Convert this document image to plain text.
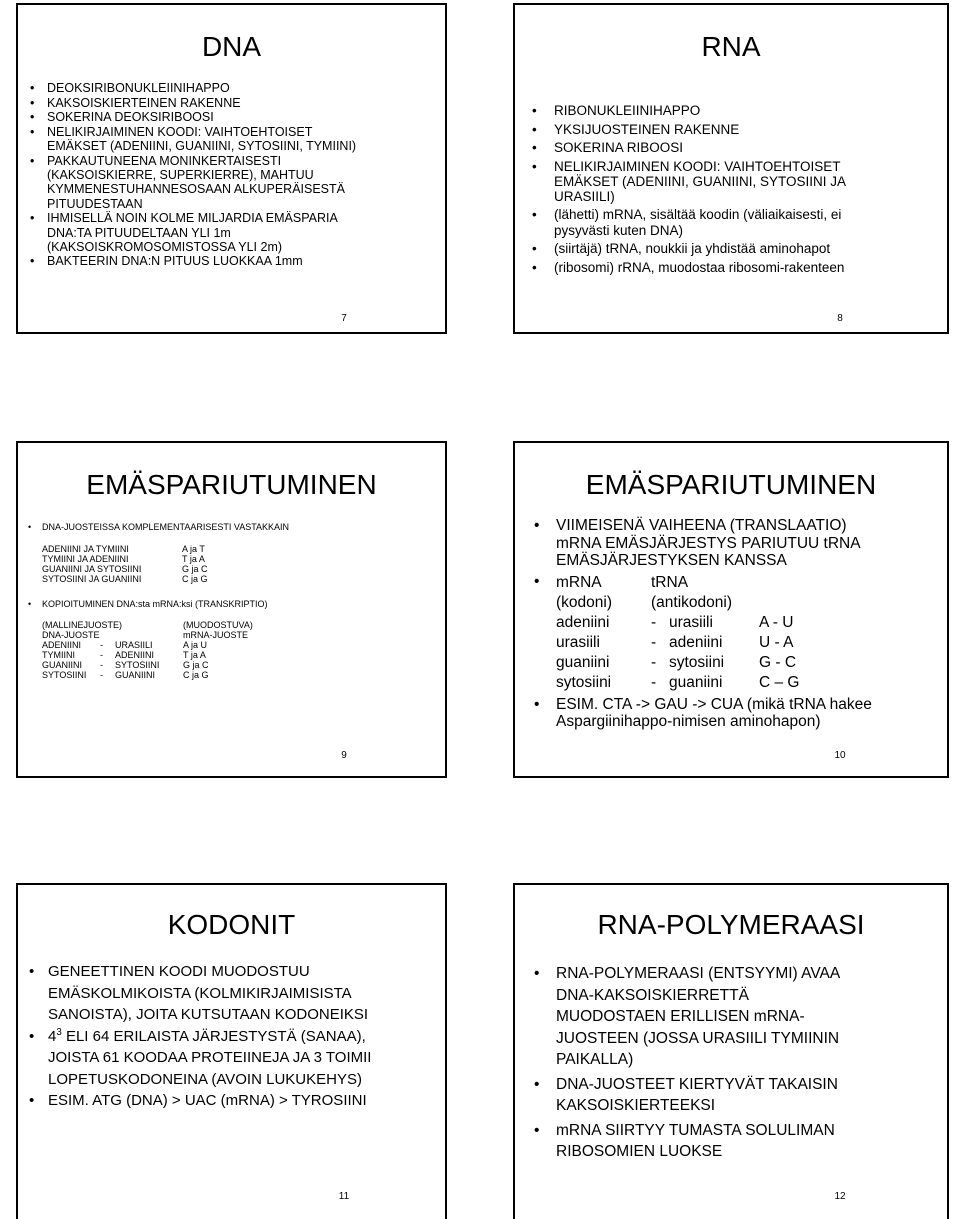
DNA
• DEOKSIRIBONUKLEIINIHAPPO
• KAKSOISKIERTEINEN RAKENNE
• SOKERINA DEOKSIRIBOOSI
• NELIKIRJAIMINEN KOODI: VAIHTOEHTOISET
EMÄKSET (ADENIINI, GUANIINI, SYTOSIINI, TYMIINI)
• PAKKAUTUNEENA MONINKERTAISESTI
(KAKSOISKIERRE, SUPERKIERRE), MAHTUU
KYMMENESTUHANNESOSAAN ALKUPERÄISESTÄ
PITUUDESTAAN
• IHMISELLÄ NOIN KOLME MILJARDIA EMÄSPARIA
DNA:TA PITUUDELTAAN YLI 1m
(KAKSOISKROMOSOMISTOSSA YLI 2m)
• BAKTEERIN DNA:N PITUUS LUOKKAA 1mm
7
RNA
• RIBONUKLEIINIHAPPO
• YKSIJUOSTEINEN RAKENNE
• SOKERINA RIBOOSI
• NELIKIRJAIMINEN KOODI: VAIHTOEHTOISET
EMÄKSET (ADENIINI, GUANIINI, SYTOSIINI JA
URASIILI)
• (lähetti) mRNA, sisältää koodin (väliaikaisesti, ei
pysyvästi kuten DNA)
• (siirtäjä) tRNA, noukkii ja yhdistää aminohapot
• (ribosomi) rRNA, muodostaa ribosomi-rakenteen
8
EMÄSPARIUTUMINEN
• DNA-JUOSTEISSA KOMPLEMENTAARISESTI VASTAKKAIN
ADENIINI JA TYMIINI	A ja T
TYMIINI JA ADENIINI	T ja A
GUANIINI JA SYTOSIINI	G ja C
SYTOSIINI JA GUANIINI	C ja G
• KOPIOITUMINEN DNA:sta mRNA:ksi (TRANSKRIPTIO)
(MALLINEJUOSTE)			(MUODOSTUVA)
DNA-JUOSTE			mRNA-JUOSTE
ADENIINI	-	URASIILI	A ja U
TYMIINI	-	ADENIINI	T ja A
GUANIINI	-	SYTOSIINI	G ja C
SYTOSIINI	-	GUANIINI	C ja G
9
EMÄSPARIUTUMINEN
• VIIMEISENÄ VAIHEENA (TRANSLAATIO)
mRNA EMÄSJÄRJESTYS PARIUTUU tRNA
EMÄSJÄRJESTYKSEN KANSSA
• mRNA	tRNA		
(kodoni)	(antikodoni)		
adeniini	-	urasiili	A - U
urasiili	-	adeniini	U - A
guaniini	-	sytosiini	G - C
sytosiini	-	guaniini	C – G
• ESIM. CTA -> GAU -> CUA (mikä tRNA hakee
Aspargiinihappo-nimisen aminohapon)
10
KODONIT
• GENEETTINEN KOODI MUODOSTUU
EMÄSKOLMIKOISTA (KOLMIKIRJAIMISISTA
SANOISTA), JOITA KUTSUTAAN KODONEIKSI
• $4^3$ ELI 64 ERILAISTA JÄRJESTYSTÄ (SANAA),
JOISTA 61 KOODAA PROTEIINEJA JA 3 TOIMII
LOPETUSKODONEINA (AVOIN LUKUKEHYS)
• ESIM. ATG (DNA) > UAC (mRNA) > TYROSIINI
11
RNA-POLYMERAASI
• RNA-POLYMERAASI (ENTSYYMI) AVAA
DNA-KAKSOISKIERRETTÄ
MUODOSTAEN ERILLISEN mRNA-
JUOSTEEN (JOSSA URASIILI TYMIININ
PAIKALLA)
• DNA-JUOSTEET KIERTYVÄT TAKAISIN
KAKSOISKIERTEEKSI
• mRNA SIIRTYY TUMASTA SOLULIMAN
RIBOSOMIEN LUOKSE
12
